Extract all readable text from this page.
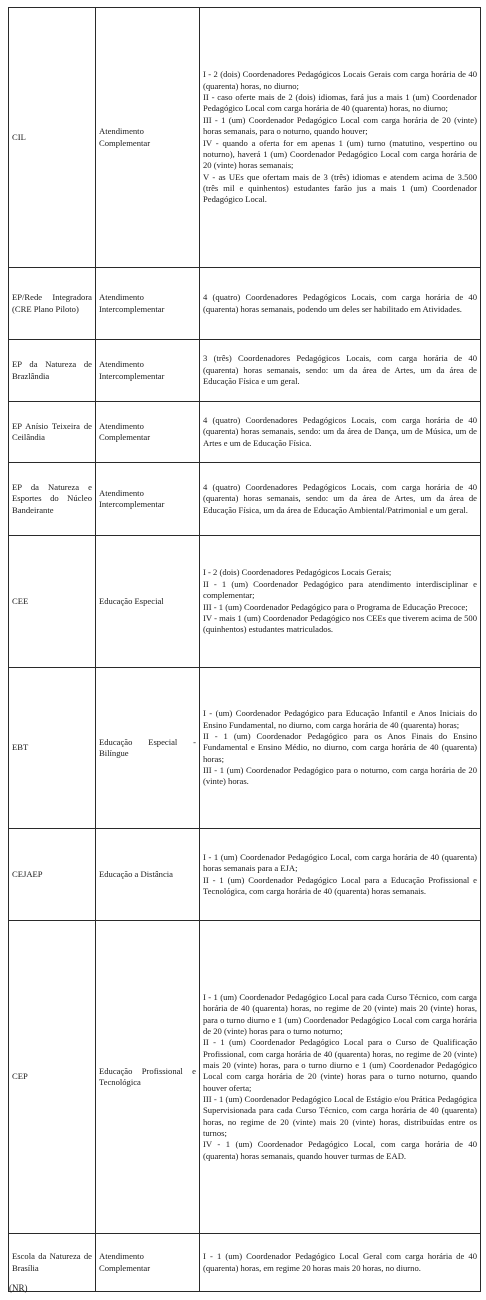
CIL	Atendimento Complementar	I - 2 (dois) Coordenadores Pedagógicos Locais Gerais com carga horária de 40 (quarenta) horas, no diurno;
II - caso oferte mais de 2 (dois) idiomas, fará jus a mais 1 (um) Coordenador Pedagógico Local com carga horária de 40 (quarenta) horas, no diurno;
III - 1 (um) Coordenador Pedagógico Local com carga horária de 20 (vinte) horas semanais, para o noturno, quando houver;
IV - quando a oferta for em apenas 1 (um) turno (matutino, vespertino ou noturno), haverá 1 (um) Coordenador Pedagógico Local com carga horária de 20 (vinte) horas semanais;
V - as UEs que ofertam mais de 3 (três) idiomas e atendem acima de 3.500 (três mil e quinhentos) estudantes farão jus a mais 1 (um) Coordenador Pedagógico Local.

EP/Rede Integradora (CRE Plano Piloto)	Atendimento Intercomplementar	4 (quatro) Coordenadores Pedagógicos Locais, com carga horária de 40 (quarenta) horas semanais, podendo um deles ser habilitado em Atividades.

EP da Natureza de Brazlândia	Atendimento Intercomplementar	3 (três) Coordenadores Pedagógicos Locais, com carga horária de 40 (quarenta) horas semanais, sendo: um da área de Artes, um da área de Educação Física e um geral.

EP Anísio Teixeira de Ceilândia	Atendimento Complementar	4 (quatro) Coordenadores Pedagógicos Locais, com carga horária de 40 (quarenta) horas semanais, sendo: um da área de Dança, um de Música, um de Artes e um de Educação Física.

EP da Natureza e Esportes do Núcleo Bandeirante	Atendimento Intercomplementar	4 (quatro) Coordenadores Pedagógicos Locais, com carga horária de 40 (quarenta) horas semanais, sendo: um da área de Artes, um da área de Educação Física, um da área de Educação Ambiental/Patrimonial e um geral.

CEE	Educação Especial	I - 2 (dois) Coordenadores Pedagógicos Locais Gerais;
II - 1 (um) Coordenador Pedagógico para atendimento interdisciplinar e complementar;
III - 1 (um) Coordenador Pedagógico para o Programa de Educação Precoce;
IV - mais 1 (um) Coordenador Pedagógico nos CEEs que tiverem acima de 500 (quinhentos) estudantes matriculados.

EBT	Educação Especial - Bilíngue	I - (um) Coordenador Pedagógico para Educação Infantil e Anos Iniciais do Ensino Fundamental, no diurno, com carga horária de 40 (quarenta) horas;
II - 1 (um) Coordenador Pedagógico para os Anos Finais do Ensino Fundamental e Ensino Médio, no diurno, com carga horária de 40 (quarenta) horas;
III - 1 (um) Coordenador Pedagógico para o noturno, com carga horária de 20 (vinte) horas.

CEJAEP	Educação a Distância	I - 1 (um) Coordenador Pedagógico Local, com carga horária de 40 (quarenta) horas semanais para a EJA;
II - 1 (um) Coordenador Pedagógico Local para a Educação Profissional e Tecnológica, com carga horária de 40 (quarenta) horas semanais.

CEP	Educação Profissional e Tecnológica	I - 1 (um) Coordenador Pedagógico Local para cada Curso Técnico, com carga horária de 40 (quarenta) horas, no regime de 20 (vinte) mais 20 (vinte) horas, para o turno diurno e 1 (um) Coordenador Pedagógico Local com carga horária de 20 (vinte) horas para o turno noturno;
II - 1 (um) Coordenador Pedagógico Local para o Curso de Qualificação Profissional, com carga horária de 40 (quarenta) horas, no regime de 20 (vinte) mais 20 (vinte) horas, para o turno diurno e 1 (um) Coordenador Pedagógico Local com carga horária de 20 (vinte) horas para o turno noturno, quando houver oferta;
III - 1 (um) Coordenador Pedagógico Local de Estágio e/ou Prática Pedagógica Supervisionada para cada Curso Técnico, com carga horária de 40 (quarenta) horas, no regime de 20 (vinte) mais 20 (vinte) horas, distribuídas entre os turnos;
IV - 1 (um) Coordenador Pedagógico Local, com carga horária de 40 (quarenta) horas semanais, quando houver turmas de EAD.

Escola da Natureza de Brasília	Atendimento Complementar	I - 1 (um) Coordenador Pedagógico Local Geral com carga horária de 40 (quarenta) horas, em regime 20 horas mais 20 horas, no diurno.
(NR)
